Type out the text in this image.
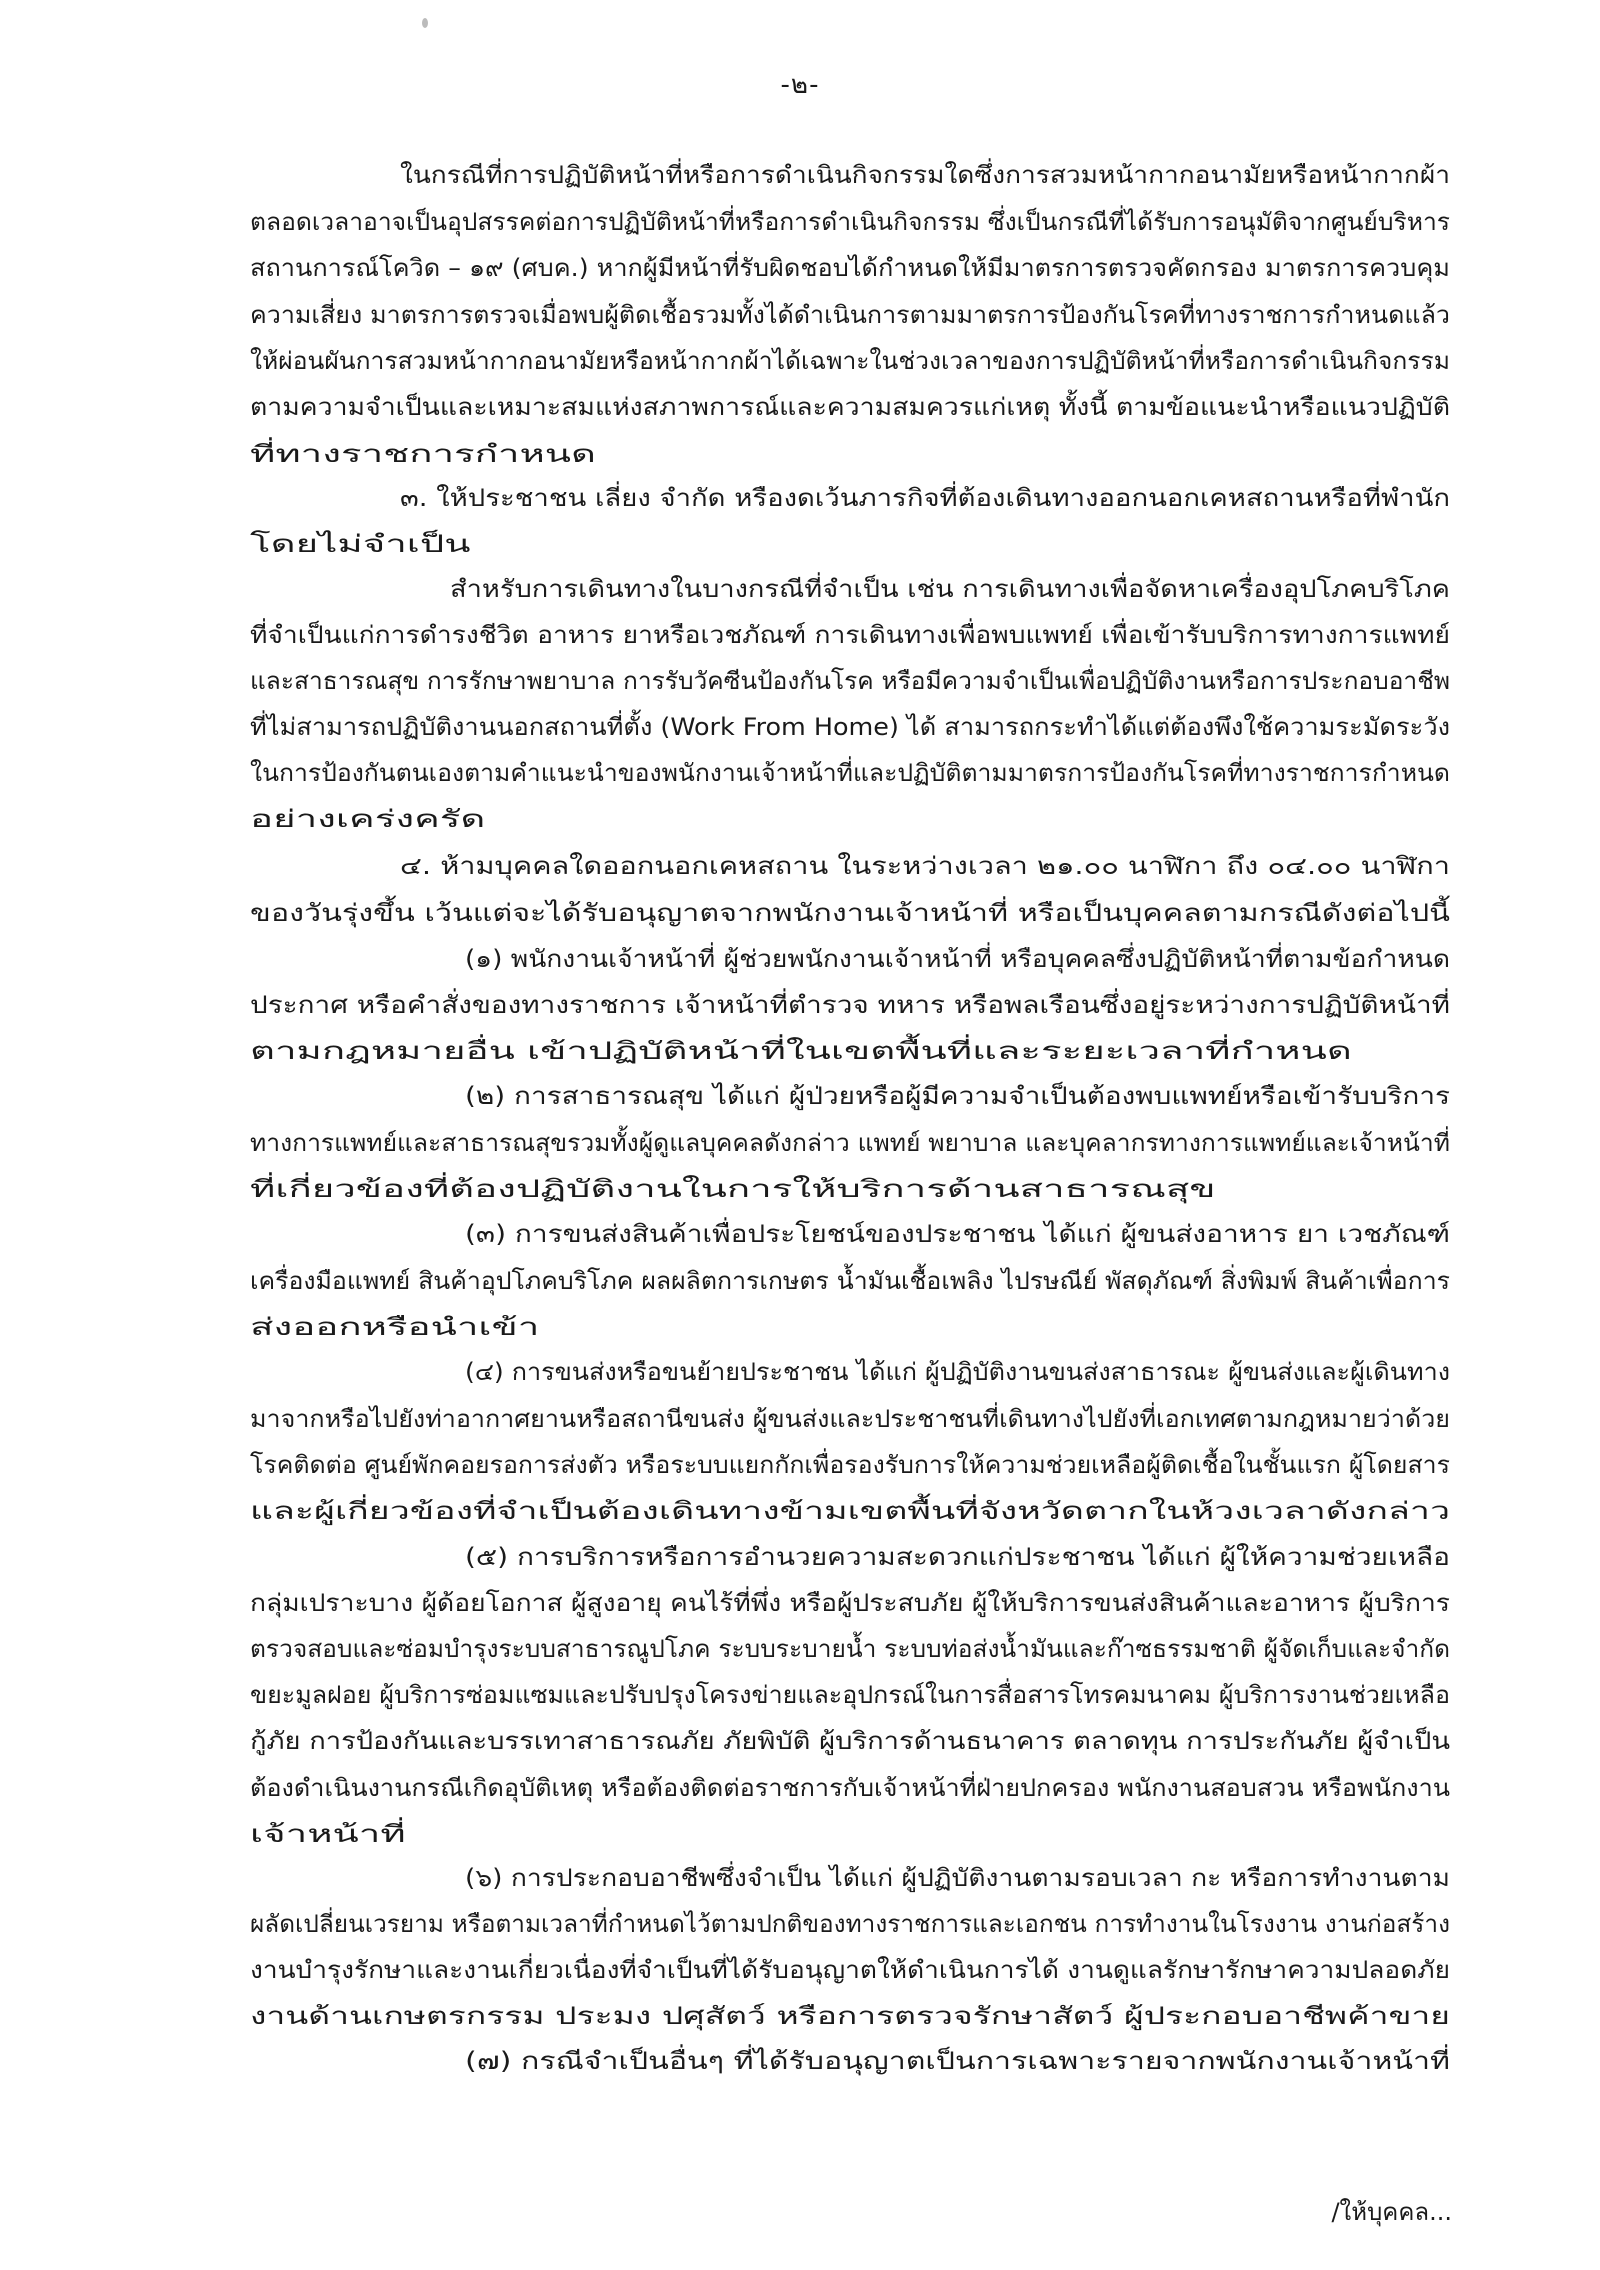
-๒-
ในกรณีที่การปฏิบัติหน้าที่หรือการดำเนินกิจกรรมใดซึ่งการสวมหน้ากากอนามัยหรือหน้ากากผ้า
ตลอดเวลาอาจเป็นอุปสรรคต่อการปฏิบัติหน้าที่หรือการดำเนินกิจกรรม ซึ่งเป็นกรณีที่ได้รับการอนุมัติจากศูนย์บริหาร
สถานการณ์โควิด – ๑๙ (ศบค.) หากผู้มีหน้าที่รับผิดชอบได้กำหนดให้มีมาตรการตรวจคัดกรอง มาตรการควบคุม
ความเสี่ยง มาตรการตรวจเมื่อพบผู้ติดเชื้อรวมทั้งได้ดำเนินการตามมาตรการป้องกันโรคที่ทางราชการกำหนดแล้ว
ให้ผ่อนผันการสวมหน้ากากอนามัยหรือหน้ากากผ้าได้เฉพาะในช่วงเวลาของการปฏิบัติหน้าที่หรือการดำเนินกิจกรรม
ตามความจำเป็นและเหมาะสมแห่งสภาพการณ์และความสมควรแก่เหตุ ทั้งนี้ ตามข้อแนะนำหรือแนวปฏิบัติ
ที่ทางราชการกำหนด
๓. ให้ประชาชน เลี่ยง จำกัด หรืองดเว้นภารกิจที่ต้องเดินทางออกนอกเคหสถานหรือที่พำนัก
โดยไม่จำเป็น
สำหรับการเดินทางในบางกรณีที่จำเป็น เช่น การเดินทางเพื่อจัดหาเครื่องอุปโภคบริโภค
ที่จำเป็นแก่การดำรงชีวิต อาหาร ยาหรือเวชภัณฑ์ การเดินทางเพื่อพบแพทย์ เพื่อเข้ารับบริการทางการแพทย์
และสาธารณสุข การรักษาพยาบาล การรับวัคซีนป้องกันโรค หรือมีความจำเป็นเพื่อปฏิบัติงานหรือการประกอบอาชีพ
ที่ไม่สามารถปฏิบัติงานนอกสถานที่ตั้ง (Work From Home) ได้ สามารถกระทำได้แต่ต้องพึงใช้ความระมัดระวัง
ในการป้องกันตนเองตามคำแนะนำของพนักงานเจ้าหน้าที่และปฏิบัติตามมาตรการป้องกันโรคที่ทางราชการกำหนด
อย่างเคร่งครัด
๔. ห้ามบุคคลใดออกนอกเคหสถาน ในระหว่างเวลา ๒๑.๐๐ นาฬิกา ถึง ๐๔.๐๐ นาฬิกา
ของวันรุ่งขึ้น เว้นแต่จะได้รับอนุญาตจากพนักงานเจ้าหน้าที่ หรือเป็นบุคคลตามกรณีดังต่อไปนี้
(๑) พนักงานเจ้าหน้าที่ ผู้ช่วยพนักงานเจ้าหน้าที่ หรือบุคคลซึ่งปฏิบัติหน้าที่ตามข้อกำหนด
ประกาศ หรือคำสั่งของทางราชการ เจ้าหน้าที่ตำรวจ ทหาร หรือพลเรือนซึ่งอยู่ระหว่างการปฏิบัติหน้าที่
ตามกฎหมายอื่น เข้าปฏิบัติหน้าที่ในเขตพื้นที่และระยะเวลาที่กำหนด
(๒) การสาธารณสุข ได้แก่ ผู้ป่วยหรือผู้มีความจำเป็นต้องพบแพทย์หรือเข้ารับบริการ
ทางการแพทย์และสาธารณสุขรวมทั้งผู้ดูแลบุคคลดังกล่าว แพทย์ พยาบาล และบุคลากรทางการแพทย์และเจ้าหน้าที่
ที่เกี่ยวข้องที่ต้องปฏิบัติงานในการให้บริการด้านสาธารณสุข
(๓) การขนส่งสินค้าเพื่อประโยชน์ของประชาชน ได้แก่ ผู้ขนส่งอาหาร ยา เวชภัณฑ์
เครื่องมือแพทย์ สินค้าอุปโภคบริโภค ผลผลิตการเกษตร น้ำมันเชื้อเพลิง ไปรษณีย์ พัสดุภัณฑ์ สิ่งพิมพ์ สินค้าเพื่อการ
ส่งออกหรือนำเข้า
(๔) การขนส่งหรือขนย้ายประชาชน ได้แก่ ผู้ปฏิบัติงานขนส่งสาธารณะ ผู้ขนส่งและผู้เดินทาง
มาจากหรือไปยังท่าอากาศยานหรือสถานีขนส่ง ผู้ขนส่งและประชาชนที่เดินทางไปยังที่เอกเทศตามกฎหมายว่าด้วย
โรคติดต่อ ศูนย์พักคอยรอการส่งตัว หรือระบบแยกกักเพื่อรองรับการให้ความช่วยเหลือผู้ติดเชื้อในชั้นแรก ผู้โดยสาร
และผู้เกี่ยวข้องที่จำเป็นต้องเดินทางข้ามเขตพื้นที่จังหวัดตากในห้วงเวลาดังกล่าว
(๕) การบริการหรือการอำนวยความสะดวกแก่ประชาชน ได้แก่ ผู้ให้ความช่วยเหลือ
กลุ่มเปราะบาง ผู้ด้อยโอกาส ผู้สูงอายุ คนไร้ที่พึ่ง หรือผู้ประสบภัย ผู้ให้บริการขนส่งสินค้าและอาหาร ผู้บริการ
ตรวจสอบและซ่อมบำรุงระบบสาธารณูปโภค ระบบระบายน้ำ ระบบท่อส่งน้ำมันและก๊าซธรรมชาติ ผู้จัดเก็บและจำกัด
ขยะมูลฝอย ผู้บริการซ่อมแซมและปรับปรุงโครงข่ายและอุปกรณ์ในการสื่อสารโทรคมนาคม ผู้บริการงานช่วยเหลือ
กู้ภัย การป้องกันและบรรเทาสาธารณภัย ภัยพิบัติ ผู้บริการด้านธนาคาร ตลาดทุน การประกันภัย ผู้จำเป็น
ต้องดำเนินงานกรณีเกิดอุบัติเหตุ หรือต้องติดต่อราชการกับเจ้าหน้าที่ฝ่ายปกครอง พนักงานสอบสวน หรือพนักงาน
เจ้าหน้าที่
(๖) การประกอบอาชีพซึ่งจำเป็น ได้แก่ ผู้ปฏิบัติงานตามรอบเวลา กะ หรือการทำงานตาม
ผลัดเปลี่ยนเวรยาม หรือตามเวลาที่กำหนดไว้ตามปกติของทางราชการและเอกชน การทำงานในโรงงาน งานก่อสร้าง
งานบำรุงรักษาและงานเกี่ยวเนื่องที่จำเป็นที่ได้รับอนุญาตให้ดำเนินการได้ งานดูแลรักษารักษาความปลอดภัย
งานด้านเกษตรกรรม ประมง ปศุสัตว์ หรือการตรวจรักษาสัตว์ ผู้ประกอบอาชีพค้าขาย
(๗) กรณีจำเป็นอื่นๆ ที่ได้รับอนุญาตเป็นการเฉพาะรายจากพนักงานเจ้าหน้าที่
/ให้บุคคล...
